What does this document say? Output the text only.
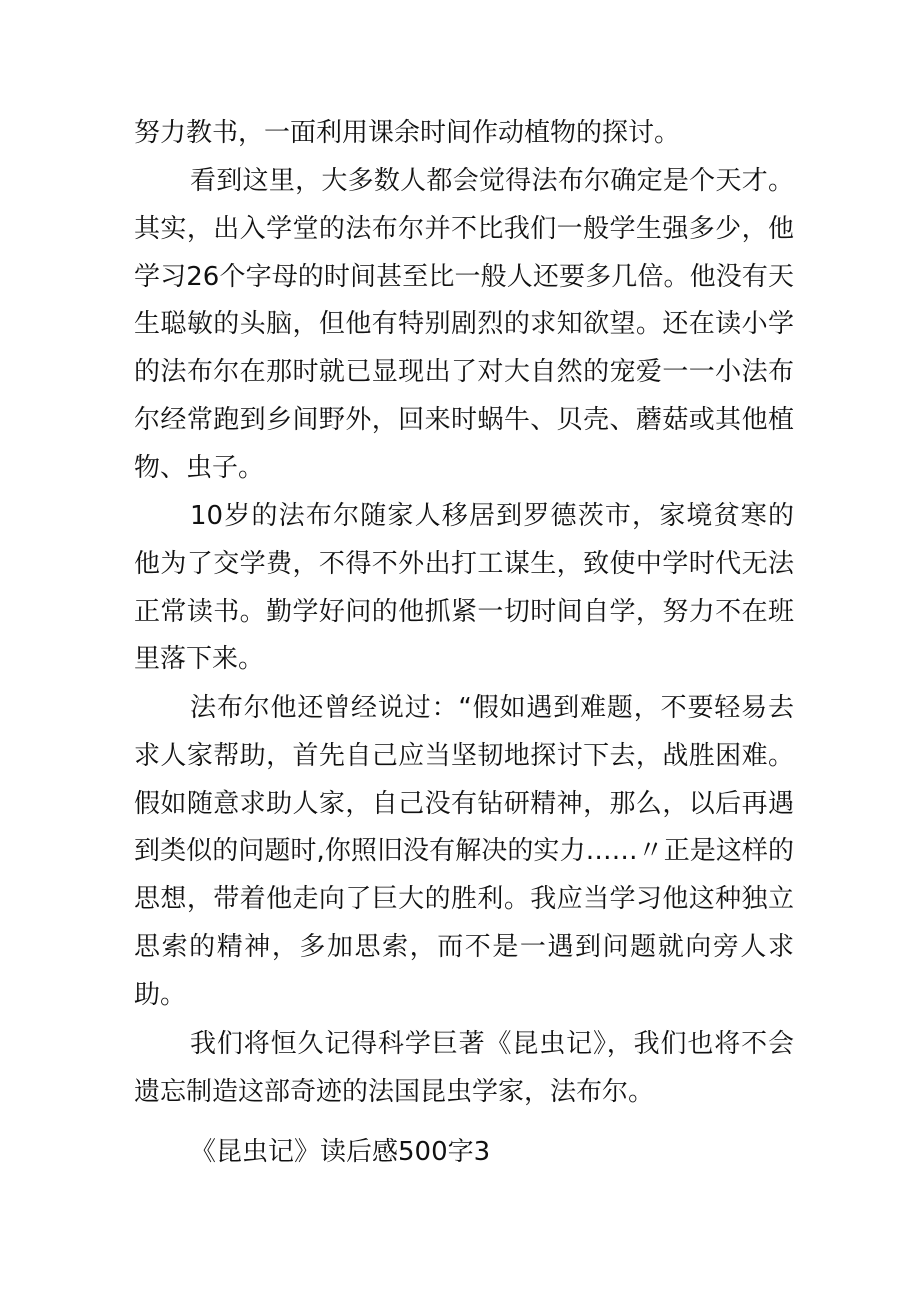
努力教书，一面利用课余时间作动植物的探讨。

看到这里，大多数人都会觉得法布尔确定是个天才。其实，出入学堂的法布尔并不比我们一般学生强多少，他学习26个字母的时间甚至比一般人还要多几倍。他没有天生聪敏的头脑，但他有特别剧烈的求知欲望。还在读小学的法布尔在那时就已显现出了对大自然的宠爱一一小法布尔经常跑到乡间野外，回来时蜗牛、贝壳、蘑菇或其他植物、虫子。

10岁的法布尔随家人移居到罗德茨市，家境贫寒的他为了交学费，不得不外出打工谋生，致使中学时代无法正常读书。勤学好问的他抓紧一切时间自学，努力不在班里落下来。

法布尔他还曾经说过：“假如遇到难题，不要轻易去求人家帮助，首先自己应当坚韧地探讨下去，战胜困难。假如随意求助人家，自己没有钻研精神，那么，以后再遇到类似的问题时,你照旧没有解决的实力……〃正是这样的思想，带着他走向了巨大的胜利。我应当学习他这种独立思索的精神，多加思索，而不是一遇到问题就向旁人求助。

我们将恒久记得科学巨著《昆虫记》，我们也将不会遗忘制造这部奇迹的法国昆虫学家，法布尔。

《昆虫记》读后感500字3
